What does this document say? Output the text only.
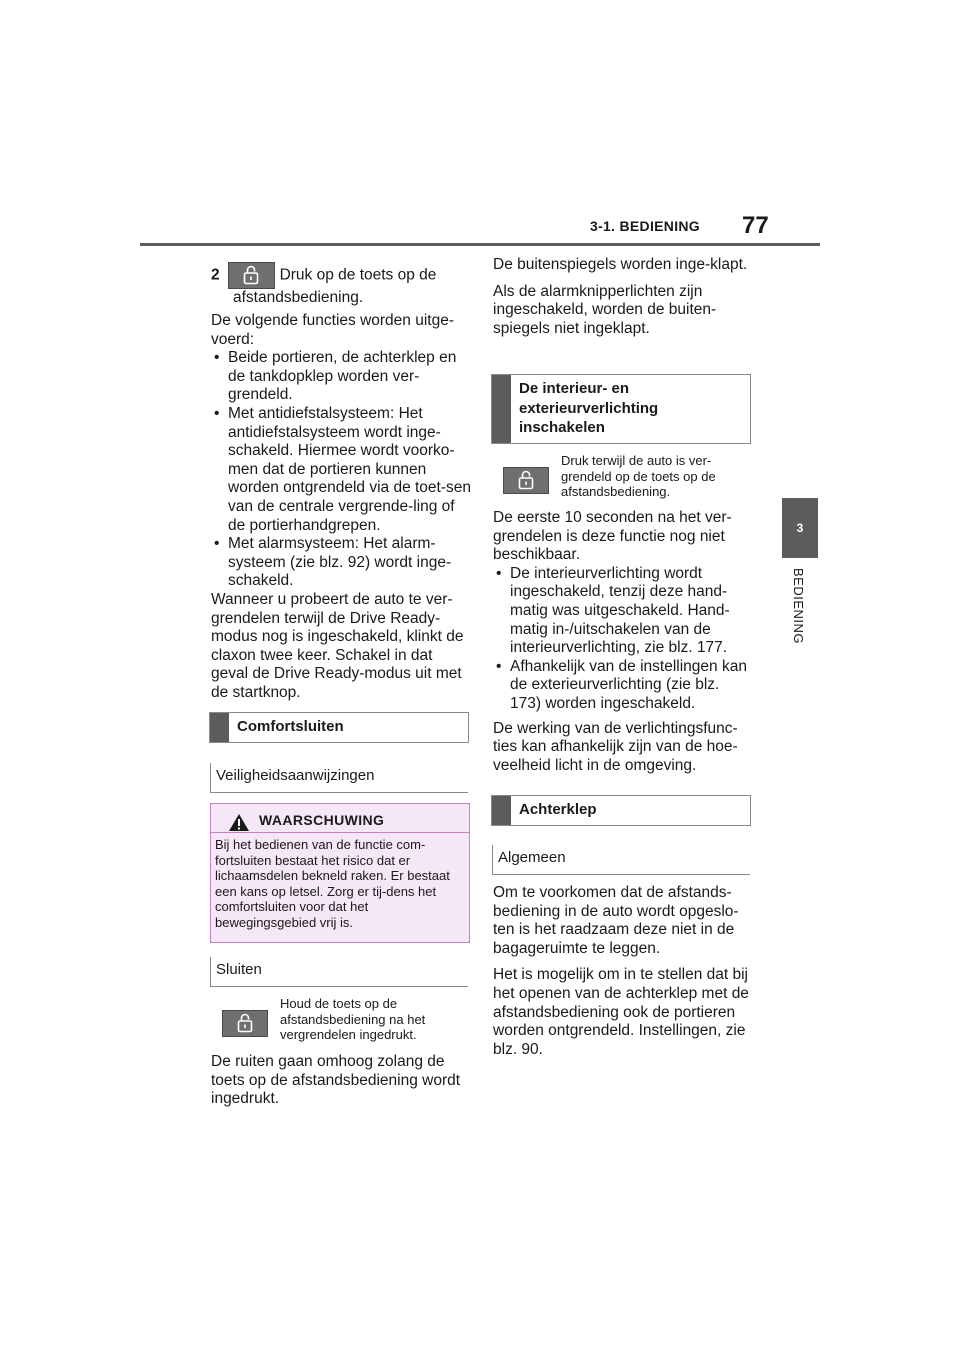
3-1. BEDIENING 77
3
BEDIENING

2	Druk op de toets op de

afstandsbediening.

De volgende functies worden uitge-voerd:

• Beide portieren, de achterklep en de tankdopklep worden ver-grendeld.

• Met antidiefstalsysteem: Het antidiefstalsysteem wordt inge-schakeld. Hiermee wordt voorko-men dat de portieren kunnen worden ontgrendeld via de toet-sen van de centrale vergrende-ling of de portierhandgrepen.

• Met alarmsysteem: Het alarm-systeem (zie blz. 92) wordt inge-schakeld.

Wanneer u probeert de auto te ver-grendelen terwijl de Drive Ready-modus nog is ingeschakeld, klinkt de claxon twee keer. Schakel in dat geval de Drive Ready-modus uit met de startknop.

Comfortsluiten
Veiligheidsaanwijzingen
WAARSCHUWING
Bij het bedienen van de functie com-fortsluiten bestaat het risico dat er lichaamsdelen bekneld raken. Er bestaat een kans op letsel. Zorg er tij-dens het comfortsluiten voor dat het bewegingsgebied vrij is.
Sluiten
Houd de toets op de afstandsbediening na het vergrendelen ingedrukt.
De ruiten gaan omhoog zolang de toets op de afstandsbediening wordt ingedrukt.

De buitenspiegels worden inge-klapt.

Als de alarmknipperlichten zijn ingeschakeld, worden de buiten-spiegels niet ingeklapt.

De interieur- en exterieurverlichting inschakelen
Druk terwijl de auto is ver-grendeld op de toets op de afstandsbediening.

De eerste 10 seconden na het ver-grendelen is deze functie nog niet beschikbaar.

• De interieurverlichting wordt ingeschakeld, tenzij deze hand-matig was uitgeschakeld. Hand-matig in-/uitschakelen van de interieurverlichting, zie blz. 177.

• Afhankelijk van de instellingen kan de exterieurverlichting (zie blz. 173) worden ingeschakeld.

De werking van de verlichtingsfunc-ties kan afhankelijk zijn van de hoe-veelheid licht in de omgeving.

Achterklep
Algemeen

Om te voorkomen dat de afstands-bediening in de auto wordt opgeslo-ten is het raadzaam deze niet in de bagageruimte te leggen.

Het is mogelijk om in te stellen dat bij het openen van de achterklep met de afstandsbediening ook de portieren worden ontgrendeld. Instellingen, zie blz. 90.
